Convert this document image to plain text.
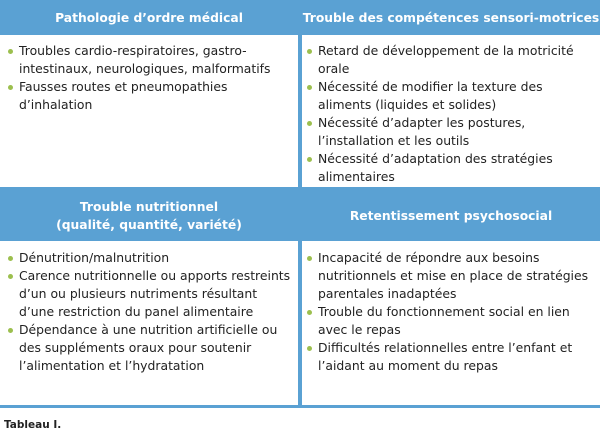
Pathologie d’ordre médical	Trouble des compétences sensori-motrices
Troubles cardio-respiratoires, gastro-intestinaux, neurologiques, malformatifs
Fausses routes et pneumopathies d’inhalation
Retard de développement de la motricité orale
Nécessité de modifier la texture des aliments (liquides et solides)
Nécessité d’adapter les postures, l’installation et les outils
Nécessité d’adaptation des stratégies alimentaires
Trouble nutritionnel
(qualité, quantité, variété)
Retentissement psychosocial
Dénutrition/malnutrition
Carence nutritionnelle ou apports restreints d’un ou plusieurs nutriments résultant d’une restriction du panel alimentaire
Dépendance à une nutrition artificielle ou des suppléments oraux pour soutenir l’alimentation et l’hydratation
Incapacité de répondre aux besoins nutritionnels et mise en place de stratégies parentales inadaptées
Trouble du fonctionnement social en lien avec le repas
Difficultés relationnelles entre l’enfant et l’aidant au moment du repas
Tableau I.
